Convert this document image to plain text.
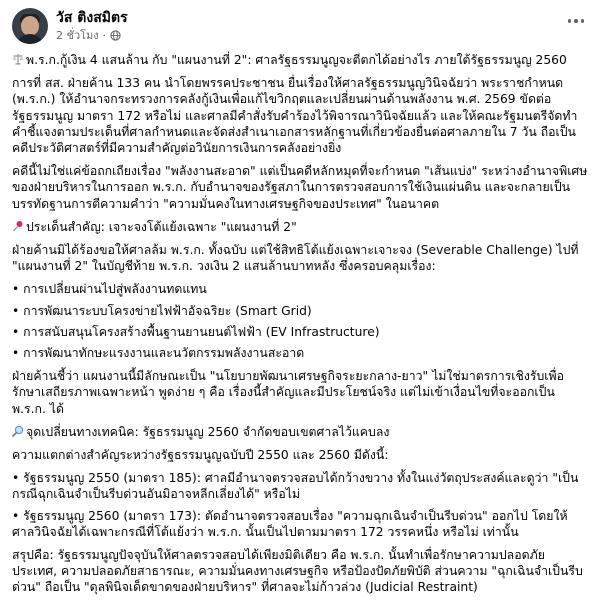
วัส ติงสมิตร
2 ชั่วโมง ·

พ.ร.ก.กู้เงิน 4 แสนล้าน กับ "แผนงานที่ 2": ศาลรัฐธรรมนูญจะตีตกได้อย่างไร ภายใต้รัฐธรรมนูญ 2560

การที่ สส. ฝ่ายค้าน 133 คน นำโดยพรรคประชาชน ยื่นเรื่องให้ศาลรัฐธรรมนูญวินิจฉัยว่า พระราชกำหนด (พ.ร.ก.) ให้อำนาจกระทรวงการคลังกู้เงินเพื่อแก้ไขวิกฤตและเปลี่ยนผ่านด้านพลังงาน พ.ศ. 2569 ขัดต่อรัฐธรรมนูญ มาตรา 172 หรือไม่ และศาลมีคำสั่งรับคำร้องไว้พิจารณาวินิจฉัยแล้ว และให้คณะรัฐมนตรีจัดทำคำชี้แจงตามประเด็นที่ศาลกำหนดและจัดส่งสำเนาเอกสารหลักฐานที่เกี่ยวข้องยื่นต่อศาลภายใน 7 วัน ถือเป็นคดีประวัติศาสตร์ที่มีความสำคัญต่อวินัยการเงินการคลังอย่างยิ่ง

คดีนี้ไม่ใช่แค่ข้อถกเถียงเรื่อง "พลังงานสะอาด" แต่เป็นคดีหลักหมุดที่จะกำหนด "เส้นแบ่ง" ระหว่างอำนาจพิเศษของฝ่ายบริหารในการออก พ.ร.ก. กับอำนาจของรัฐสภาในการตรวจสอบการใช้เงินแผ่นดิน และจะกลายเป็นบรรทัดฐานการตีความคำว่า "ความมั่นคงในทางเศรษฐกิจของประเทศ" ในอนาคต

ประเด็นสำคัญ: เจาะจงโต้แย้งเฉพาะ "แผนงานที่ 2"

ฝ่ายค้านมิได้ร้องขอให้ศาลล้ม พ.ร.ก. ทั้งฉบับ แต่ใช้สิทธิโต้แย้งเฉพาะเจาะจง (Severable Challenge) ไปที่ "แผนงานที่ 2" ในบัญชีท้าย พ.ร.ก. วงเงิน 2 แสนล้านบาทหลัง ซึ่งครอบคลุมเรื่อง:

• การเปลี่ยนผ่านไปสู่พลังงานทดแทน
• การพัฒนาระบบโครงข่ายไฟฟ้าอัจฉริยะ (Smart Grid)
• การสนับสนุนโครงสร้างพื้นฐานยานยนต์ไฟฟ้า (EV Infrastructure)
• การพัฒนาทักษะแรงงานและนวัตกรรมพลังงานสะอาด

ฝ่ายค้านชี้ว่า แผนงานนี้มีลักษณะเป็น "นโยบายพัฒนาเศรษฐกิจระยะกลาง-ยาว" ไม่ใช่มาตรการเชิงรับเพื่อรักษาเสถียรภาพเฉพาะหน้า พูดง่าย ๆ คือ เรื่องนี้สำคัญและมีประโยชน์จริง แต่ไม่เข้าเงื่อนไขที่จะออกเป็น พ.ร.ก. ได้

จุดเปลี่ยนทางเทคนิค: รัฐธรรมนูญ 2560 จำกัดขอบเขตศาลไว้แคบลง

ความแตกต่างสำคัญระหว่างรัฐธรรมนูญฉบับปี 2550 และ 2560 มีดังนี้:

• รัฐธรรมนูญ 2550 (มาตรา 185): ศาลมีอำนาจตรวจสอบได้กว้างขวาง ทั้งในแง่วัตถุประสงค์และดูว่า "เป็นกรณีฉุกเฉินจำเป็นรีบด่วนอันมิอาจหลีกเลี่ยงได้" หรือไม่
• รัฐธรรมนูญ 2560 (มาตรา 173): ตัดอำนาจตรวจสอบเรื่อง "ความฉุกเฉินจำเป็นรีบด่วน" ออกไป โดยให้ศาลวินิจฉัยได้เฉพาะกรณีที่โต้แย้งว่า พ.ร.ก. นั้นเป็นไปตามมาตรา 172 วรรคหนึ่ง หรือไม่ เท่านั้น

สรุปคือ: รัฐธรรมนูญปัจจุบันให้ศาลตรวจสอบได้เพียงมิติเดียว คือ พ.ร.ก. นั้นทำเพื่อรักษาความปลอดภัยประเทศ, ความปลอดภัยสาธารณะ, ความมั่นคงทางเศรษฐกิจ หรือป้องปัดภัยพิบัติ ส่วนความ "ฉุกเฉินจำเป็นรีบด่วน" ถือเป็น "ดุลพินิจเด็ดขาดของฝ่ายบริหาร" ที่ศาลจะไม่ก้าวล่วง (Judicial Restraint)
